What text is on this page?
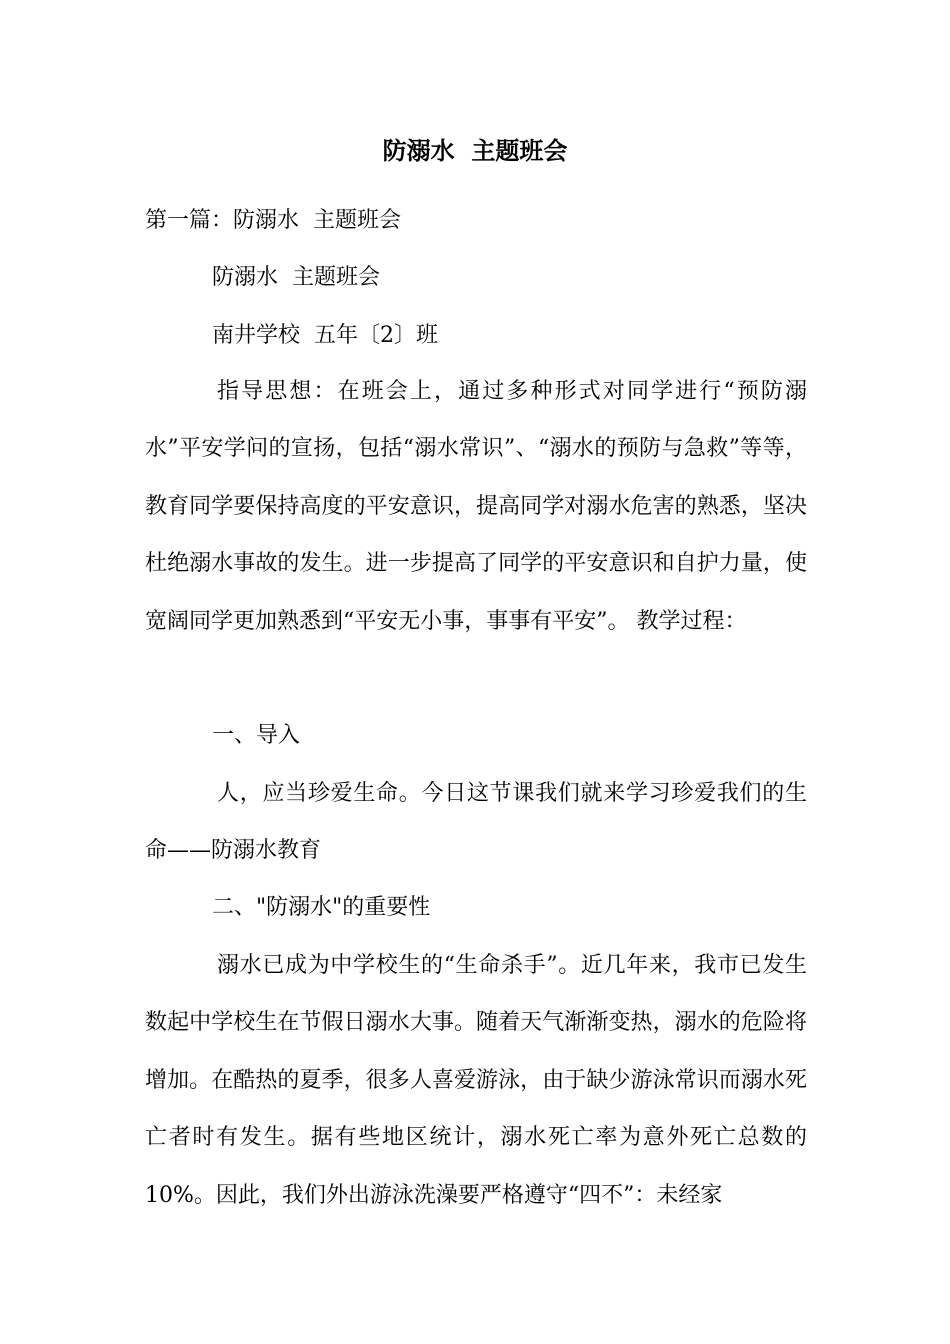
防溺水  主题班会
第一篇：防溺水  主题班会
防溺水  主题班会
南井学校  五年〔2〕班
指导思想：在班会上，通过多种形式对同学进行“预防溺水”平安学问的宣扬，包括“溺水常识”、“溺水的预防与急救”等等，教育同学要保持高度的平安意识，提高同学对溺水危害的熟悉，坚决杜绝溺水事故的发生。进一步提高了同学的平安意识和自护力量，使宽阔同学更加熟悉到“平安无小事，事事有平安”。 教学过程：
一、导入
人，应当珍爱生命。今日这节课我们就来学习珍爱我们的生命——防溺水教育
二、"防溺水"的重要性
溺水已成为中学校生的“生命杀手”。近几年来，我市已发生数起中学校生在节假日溺水大事。随着天气渐渐变热，溺水的危险将增加。在酷热的夏季，很多人喜爱游泳，由于缺少游泳常识而溺水死亡者时有发生。据有些地区统计，溺水死亡率为意外死亡总数的10%。因此，我们外出游泳洗澡要严格遵守“四不”：未经家
